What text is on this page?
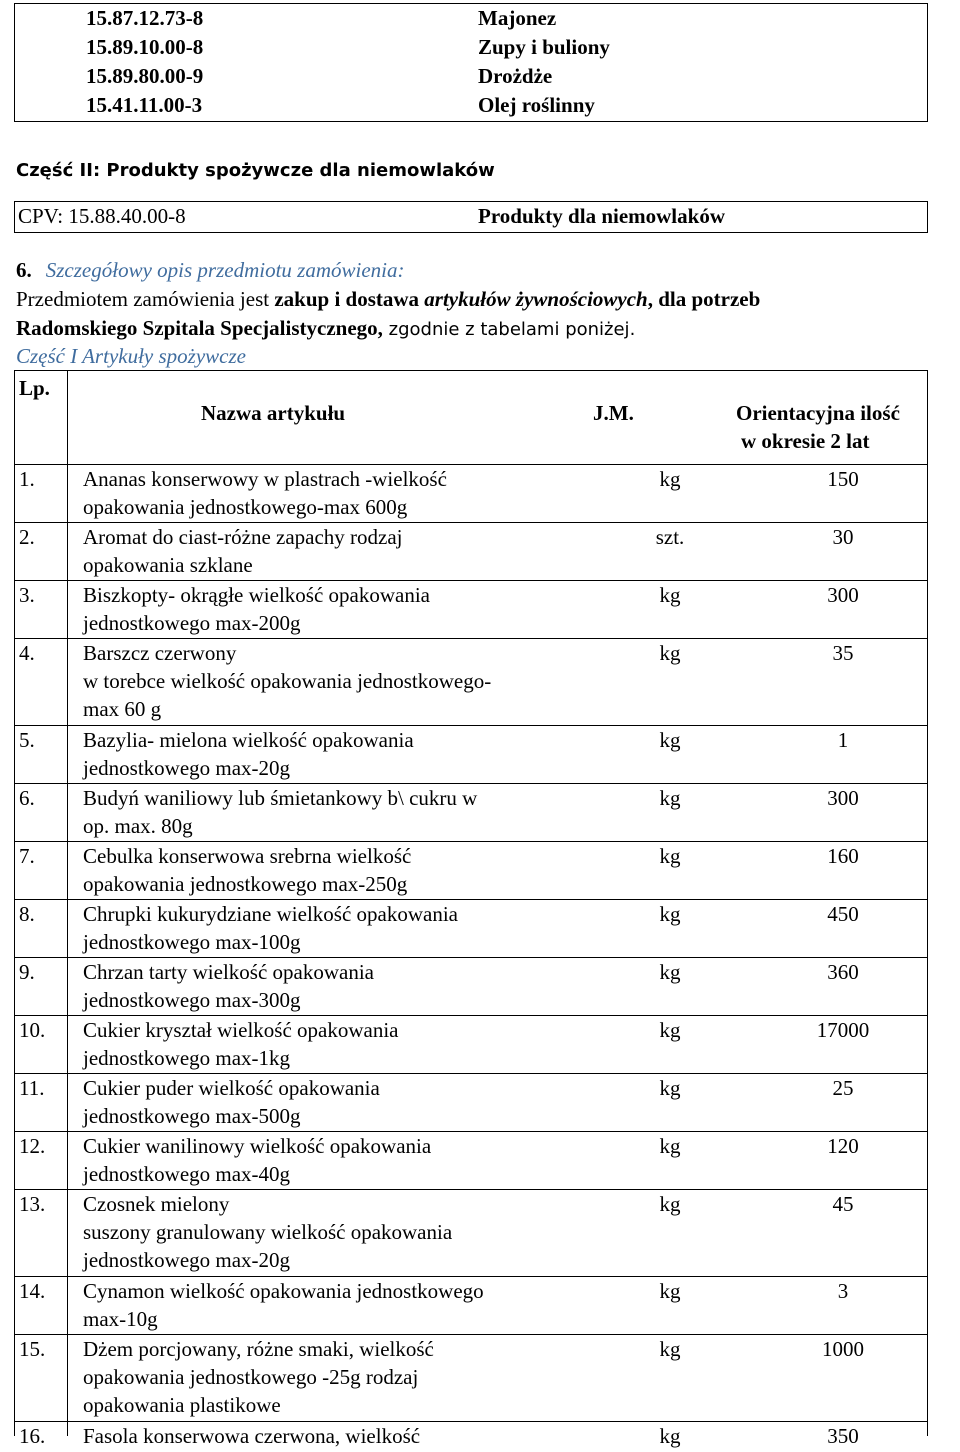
15.87.12.73-8	Majonez
15.89.10.00-8	Zupy i buliony
15.89.80.00-9	Drożdże
15.41.11.00-3	Olej roślinny
Część II: Produkty spożywcze dla niemowlaków
CPV: 15.88.40.00-8	Produkty dla niemowlaków
6. Szczegółowy opis przedmiotu zamówienia:
Przedmiotem zamówienia jest zakup i dostawa artykułów żywnościowych, dla potrzeb
Radomskiego Szpitala Specjalistycznego, zgodnie z tabelami poniżej.
Część I Artykuły spożywcze
Lp.
Nazwa artykułu	J.M.	Orientacyjna ilość
w okresie 2 lat
1. Ananas konserwowy w plastrach -wielkość
opakowania jednostkowego-max 600g
kg	150
2. Aromat do ciast-różne zapachy rodzaj
opakowania szklane
szt.	30
3. Biszkopty- okrągłe wielkość opakowania
jednostkowego max-200g
kg	300
4. Barszcz czerwony
w torebce wielkość opakowania jednostkowego-
max 60 g
kg	35
5. Bazylia- mielona wielkość opakowania
jednostkowego max-20g
kg	1
6. Budyń waniliowy lub śmietankowy b\ cukru w
op. max. 80g
kg	300
7. Cebulka konserwowa srebrna wielkość
opakowania jednostkowego max-250g
kg	160
8. Chrupki kukurydziane wielkość opakowania
jednostkowego max-100g
kg	450
9. Chrzan tarty wielkość opakowania
jednostkowego max-300g
kg	360
10. Cukier kryształ wielkość opakowania
jednostkowego max-1kg
kg	17000
11. Cukier puder wielkość opakowania
jednostkowego max-500g
kg	25
12. Cukier wanilinowy wielkość opakowania
jednostkowego max-40g
kg	120
13. Czosnek mielony
suszony granulowany wielkość opakowania
jednostkowego max-20g
kg	45
14. Cynamon wielkość opakowania jednostkowego
max-10g
kg	3
15. Dżem porcjowany, różne smaki, wielkość
opakowania jednostkowego -25g rodzaj
opakowania plastikowe
kg	1000
16. Fasola konserwowa czerwona, wielkość	kg	350
